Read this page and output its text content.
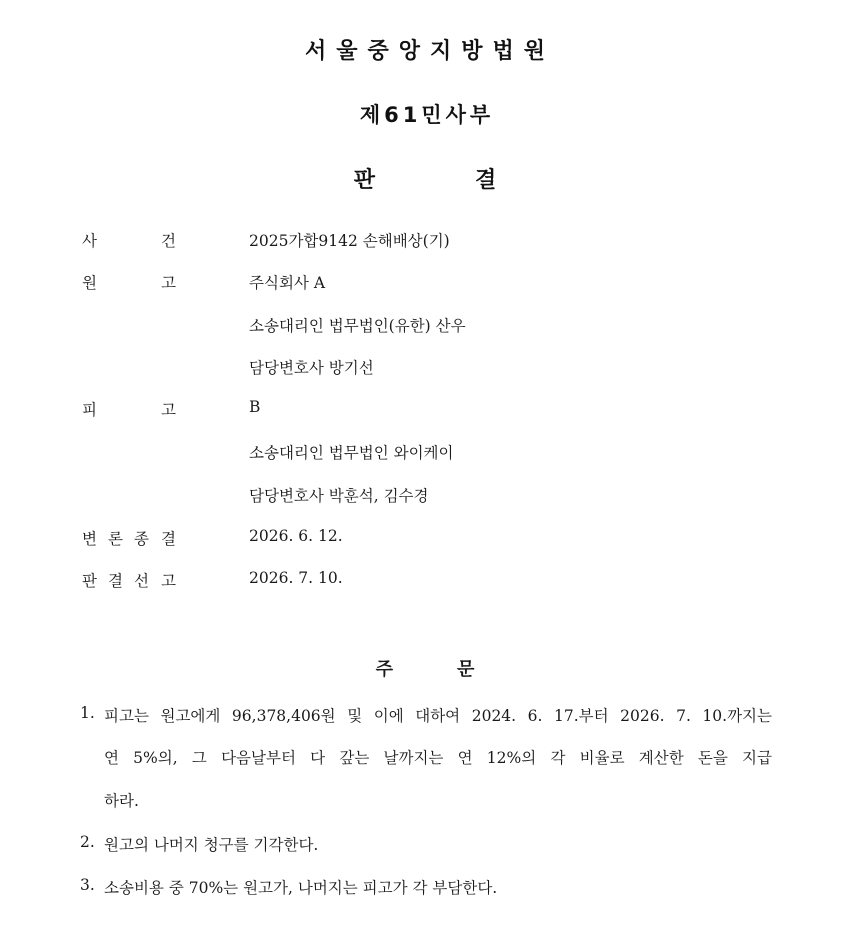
서울중앙지방법원
제61민사부
판	결
사	건	2025가합9142 손해배상(기)
원	고	주식회사 A
소송대리인 법무법인(유한) 산우
담당변호사 방기선
피	고	B
소송대리인 법무법인 와이케이
담당변호사 박훈석, 김수경
변 론 종 결	2026. 6. 12.
판 결 선 고	2026. 7. 10.
주	문
1. 피고는 원고에게 96,378,406원 및 이에 대하여 2024. 6. 17.부터 2026. 7. 10.까지는
연 5%의, 그 다음날부터 다 갚는 날까지는 연 12%의 각 비율로 계산한 돈을 지급
하라.
2. 원고의 나머지 청구를 기각한다.
3. 소송비용 중 70%는 원고가, 나머지는 피고가 각 부담한다.
